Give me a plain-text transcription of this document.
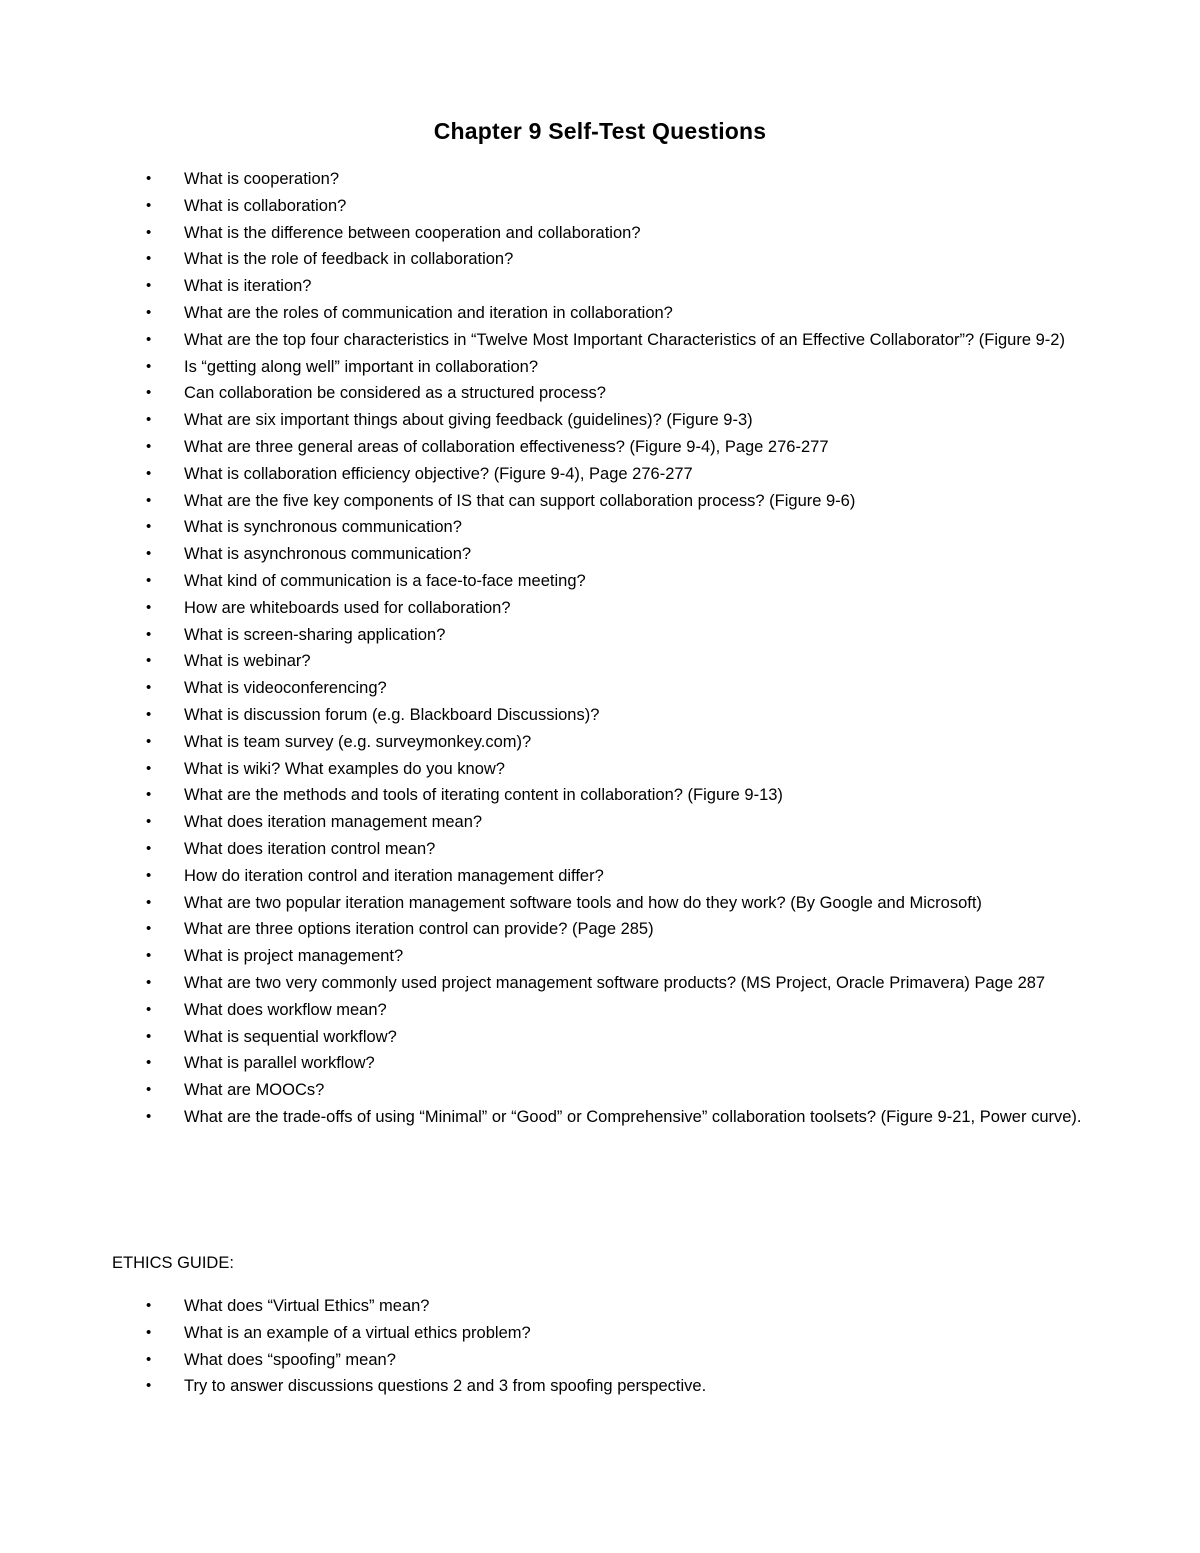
Chapter 9 Self-Test Questions
• What is cooperation?
• What is collaboration?
• What is the difference between cooperation and collaboration?
• What is the role of feedback in collaboration?
• What is iteration?
• What are the roles of communication and iteration in collaboration?
• What are the top four characteristics in “Twelve Most Important Characteristics of an Effective Collaborator”? (Figure 9-2)
• Is “getting along well” important in collaboration?
• Can collaboration be considered as a structured process?
• What are six important things about giving feedback (guidelines)? (Figure 9-3)
• What are three general areas of collaboration effectiveness? (Figure 9-4), Page 276-277
• What is collaboration efficiency objective? (Figure 9-4), Page 276-277
• What are the five key components of IS that can support collaboration process? (Figure 9-6)
• What is synchronous communication?
• What is asynchronous communication?
• What kind of communication is a face-to-face meeting?
• How are whiteboards used for collaboration?
• What is screen-sharing application?
• What is webinar?
• What is videoconferencing?
• What is discussion forum (e.g. Blackboard Discussions)?
• What is team survey (e.g. surveymonkey.com)?
• What is wiki? What examples do you know?
• What are the methods and tools of iterating content in collaboration? (Figure 9-13)
• What does iteration management mean?
• What does iteration control mean?
• How do iteration control and iteration management differ?
• What are two popular iteration management software tools and how do they work? (By Google and Microsoft)
• What are three options iteration control can provide? (Page 285)
• What is project management?
• What are two very commonly used project management software products? (MS Project, Oracle Primavera) Page 287
• What does workflow mean?
• What is sequential workflow?
• What is parallel workflow?
• What are MOOCs?
• What are the trade-offs of using “Minimal” or “Good” or Comprehensive” collaboration toolsets? (Figure 9-21, Power curve).
ETHICS GUIDE:
• What does “Virtual Ethics” mean?
• What is an example of a virtual ethics problem?
• What does “spoofing” mean?
• Try to answer discussions questions 2 and 3 from spoofing perspective.
